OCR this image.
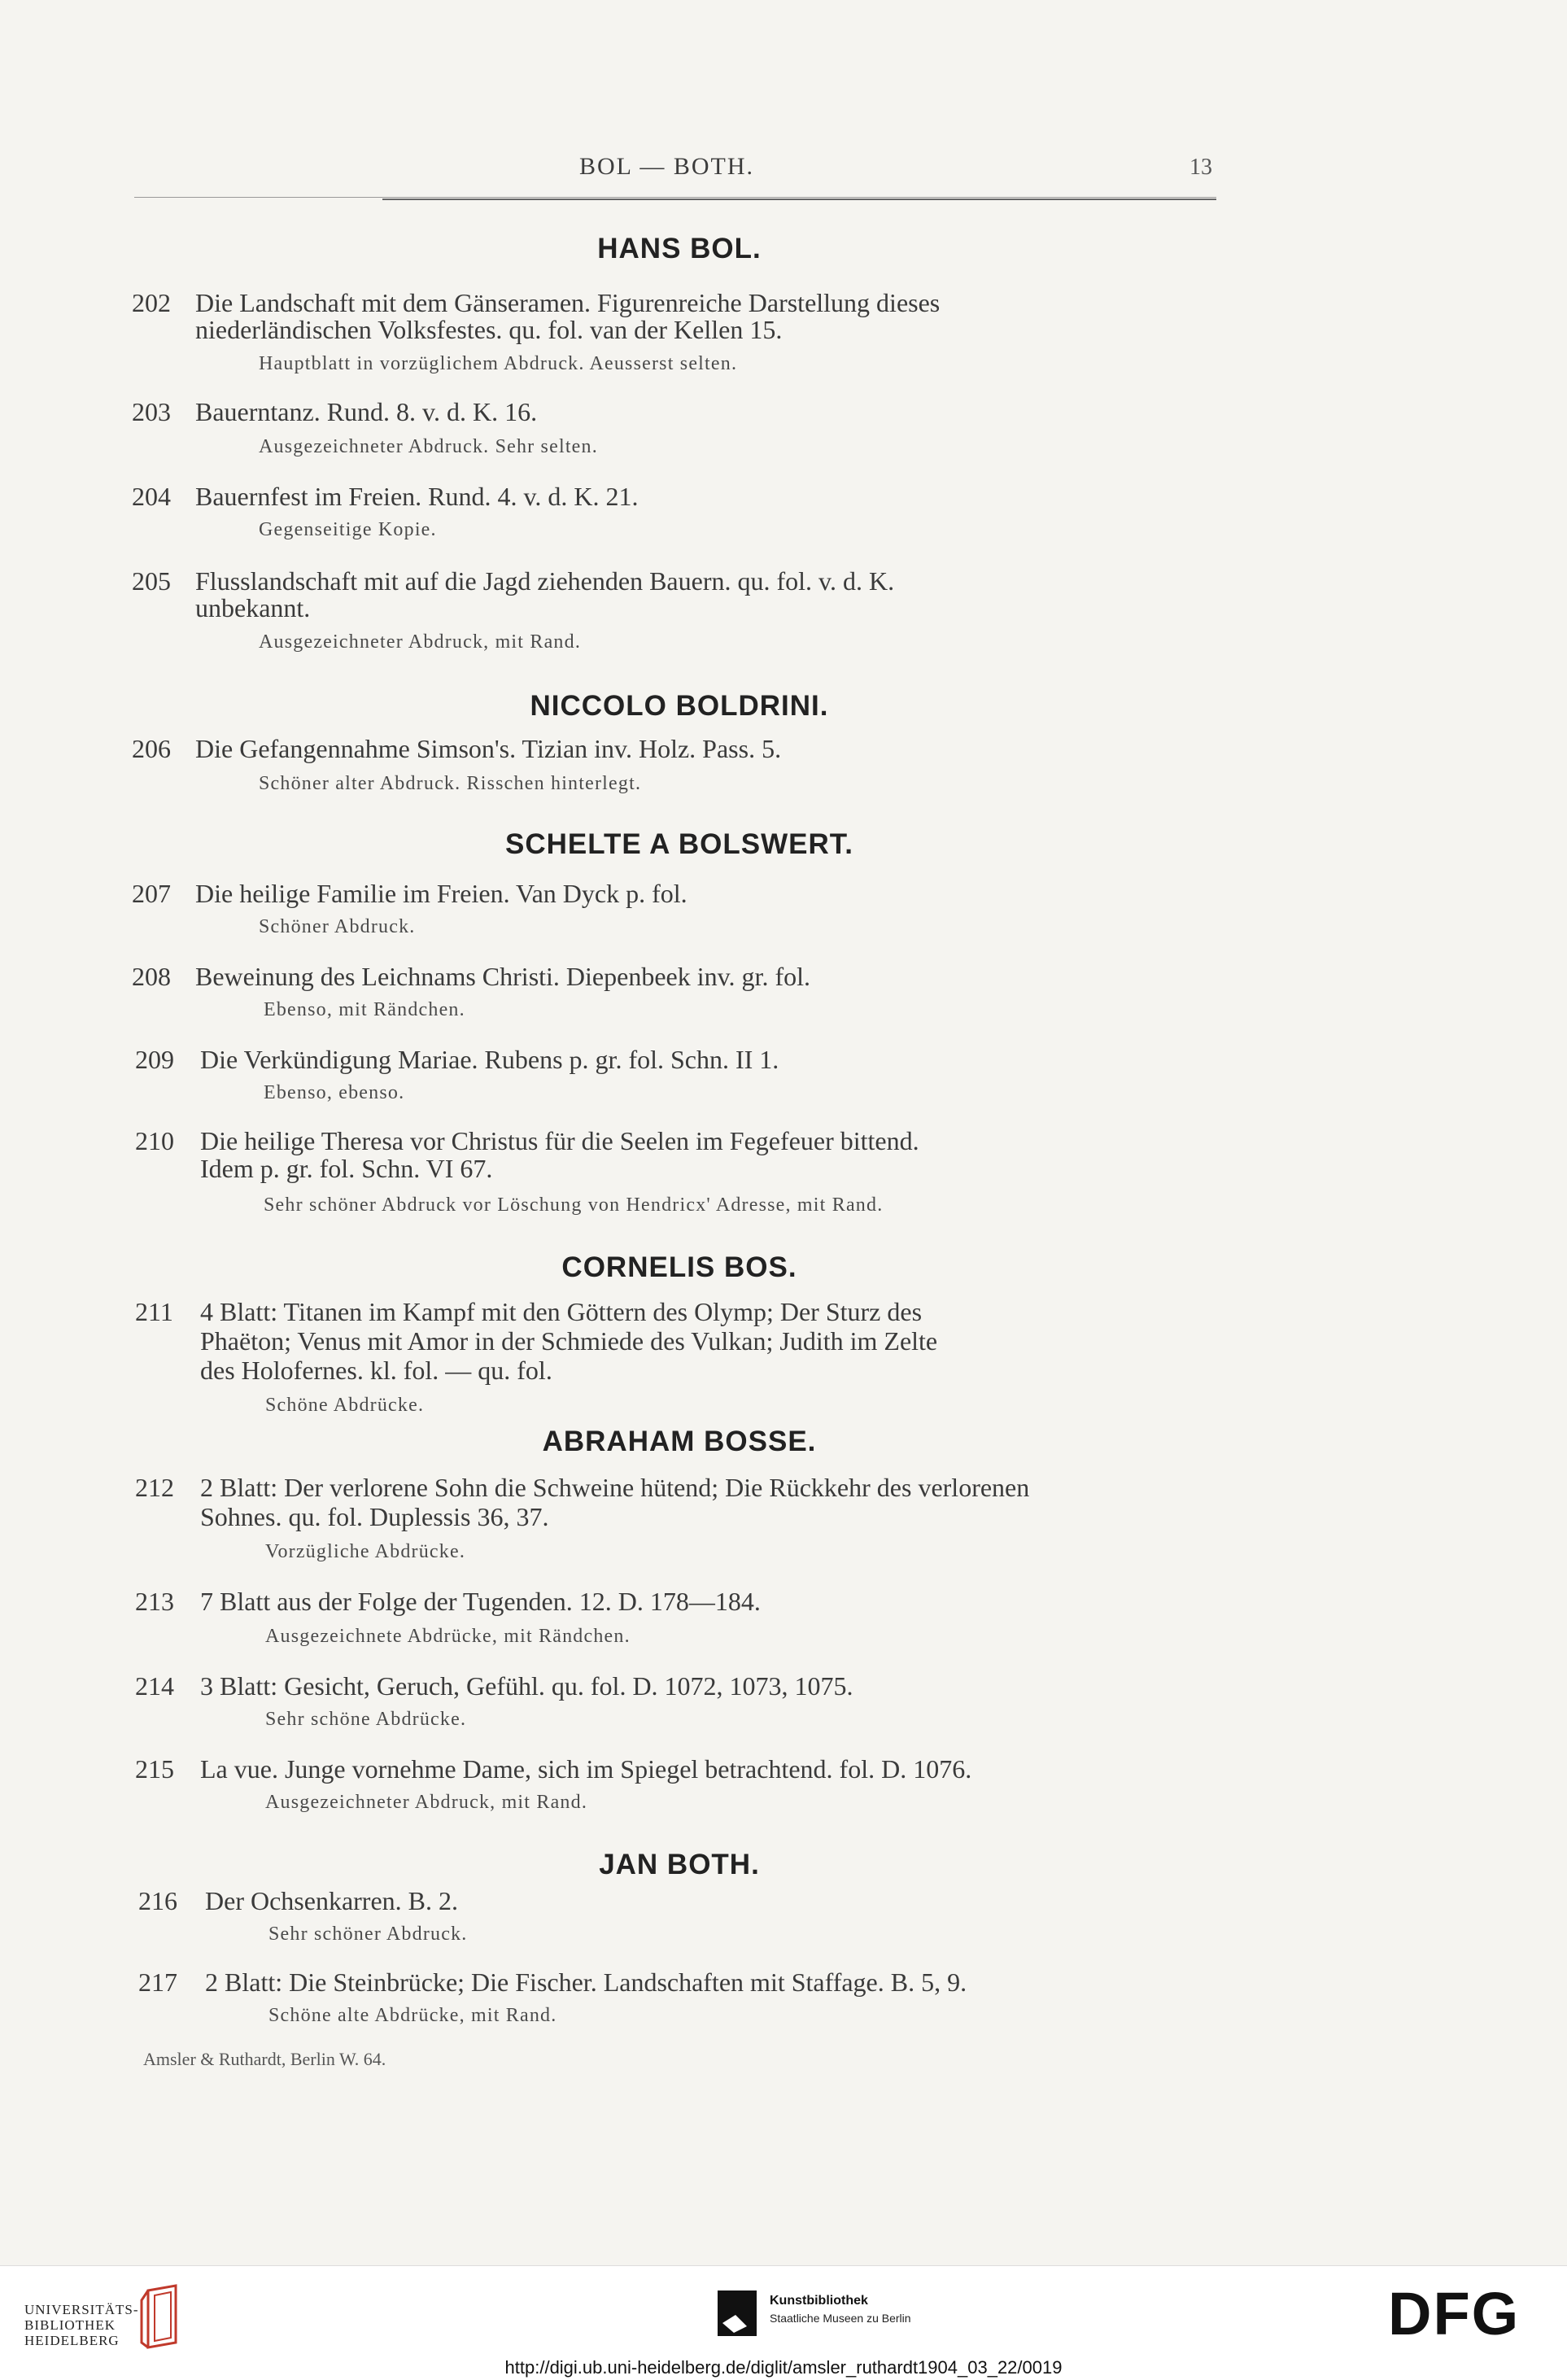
BOL — BOTH.	13
HANS BOL.
NICCOLO BOLDRINI.
SCHELTE A BOLSWERT.
CORNELIS BOS.
ABRAHAM BOSSE.
JAN BOTH.
202 Die Landschaft mit dem Gänseramen. Figurenreiche Darstellung dieses
niederländischen Volksfestes. qu. fol. van der Kellen 15.
Hauptblatt in vorzüglichem Abdruck. Aeusserst selten.
203 Bauerntanz. Rund. 8. v. d. K. 16.
Ausgezeichneter Abdruck. Sehr selten.
204 Bauernfest im Freien. Rund. 4. v. d. K. 21.
Gegenseitige Kopie.
205 Flusslandschaft mit auf die Jagd ziehenden Bauern. qu. fol. v. d. K.
unbekannt.
Ausgezeichneter Abdruck, mit Rand.
206 Die Gefangennahme Simson's. Tizian inv. Holz. Pass. 5.
Schöner alter Abdruck. Risschen hinterlegt.
207 Die heilige Familie im Freien. Van Dyck p. fol.
Schöner Abdruck.
208 Beweinung des Leichnams Christi. Diepenbeek inv. gr. fol.
Ebenso, mit Rändchen.
209 Die Verkündigung Mariae. Rubens p. gr. fol. Schn. II 1.
Ebenso, ebenso.
210 Die heilige Theresa vor Christus für die Seelen im Fegefeuer bittend.
Idem p. gr. fol. Schn. VI 67.
Sehr schöner Abdruck vor Löschung von Hendricx' Adresse, mit Rand.
211 4 Blatt: Titanen im Kampf mit den Göttern des Olymp; Der Sturz des
Phaëton; Venus mit Amor in der Schmiede des Vulkan; Judith im Zelte
des Holofernes. kl. fol. — qu. fol.
Schöne Abdrücke.
212 2 Blatt: Der verlorene Sohn die Schweine hütend; Die Rückkehr des verlorenen
Sohnes. qu. fol. Duplessis 36, 37.
Vorzügliche Abdrücke.
213 7 Blatt aus der Folge der Tugenden. 12. D. 178—184.
Ausgezeichnete Abdrücke, mit Rändchen.
214 3 Blatt: Gesicht, Geruch, Gefühl. qu. fol. D. 1072, 1073, 1075.
Sehr schöne Abdrücke.
215 La vue. Junge vornehme Dame, sich im Spiegel betrachtend. fol. D. 1076.
Ausgezeichneter Abdruck, mit Rand.
216 Der Ochsenkarren. B. 2.
Sehr schöner Abdruck.
217 2 Blatt: Die Steinbrücke; Die Fischer. Landschaften mit Staffage. B. 5, 9.
Schöne alte Abdrücke, mit Rand.
Amsler & Ruthardt, Berlin W. 64.
UNIVERSITÄTS-
BIBLIOTHEK
HEIDELBERG
Kunstbibliothek
Staatliche Museen zu Berlin	DFG
http://digi.ub.uni-heidelberg.de/diglit/amsler_ruthardt1904_03_22/0019
